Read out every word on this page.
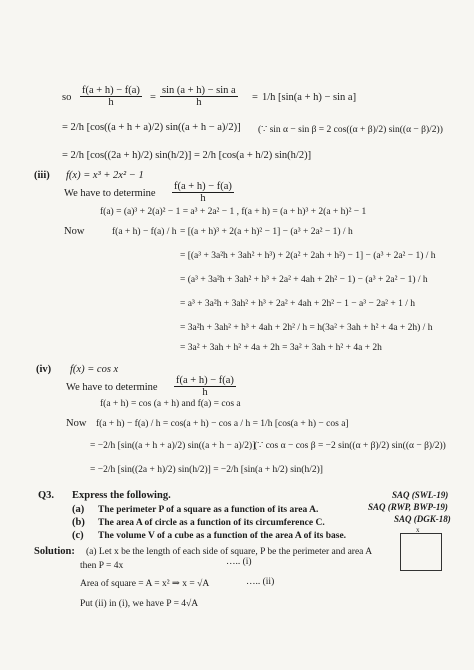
so $\frac{f(a + h) - f(a)}{h} = \frac{\text{sin (a + h) − sin a}}{h} = 1/h$ [sin(a + h) − sin a]
= 2/h [cos((a + h + a)/2) sin((a + h − a)/2)] (∵ sin α − sin β = 2 cos((α + β)/2) sin((α − β)/2))
= 2/h [cos((2a + h)/2) sin(h/2)] = 2/h [cos(a + h/2) sin(h/2)]
(iii) f(x) = x³ + 2x² − 1
We have to determine $\frac{f(a + h) - f(a)}{h}$
f(a) = (a)³ + 2(a)² − 1 = a³ + 2a² − 1 , f(a + h) = (a + h)³ + 2(a + h)² − 1
Now	f(a + h) − f(a) / h = [(a + h)³ + 2(a + h)² − 1] − (a³ + 2a² − 1) / h
= [(a³ + 3a²h + 3ah² + h³) + 2(a² + 2ah + h²) − 1] − (a³ + 2a² − 1) / h
= (a³ + 3a²h + 3ah² + h³ + 2a² + 4ah + 2h² − 1) − (a³ + 2a² − 1) / h
= a³ + 3a²h + 3ah² + h³ + 2a² + 4ah + 2h² − 1 − a³ − 2a² + 1 / h
= 3a²h + 3ah² + h³ + 4ah + 2h² / h = h(3a² + 3ah + h² + 4a + 2h) / h
= 3a² + 3ah + h² + 4a + 2h = 3a² + 3ah + h² + 4a + 2h
(iv) f(x) = cos x
We have to determine $\frac{f(a + h) - f(a)}{h}$
f(a + h) = cos (a + h) and f(a) = cos a
Now f(a + h) − f(a) / h = cos(a + h) − cos a / h = 1/h [cos(a + h) − cos a]
= −2/h [sin((a + h + a)/2) sin((a + h − a)/2)]
(∵ cos α − cos β = −2 sin((α + β)/2) sin((α − β)/2))
= −2/h [sin((2a + h)/2) sin(h/2)] = −2/h [sin(a + h/2) sin(h/2)]
Q3. Express the following.
(a) The perimeter P of a square as a function of its area A.
(b) The area A of circle as a function of its circumference C.
(c) The volume V of a cube as a function of the area A of its base.
SAQ (SWL-19)
SAQ (RWP, BWP-19)
SAQ (DGK-18)
Solution: (a) Let x be the length of each side of square, P be the perimeter and area A
then P = 4x	….. (i)
Area of square = A = x² ⇒ x = √A	….. (ii)
Put (ii) in (i), we have P = 4√A
x
